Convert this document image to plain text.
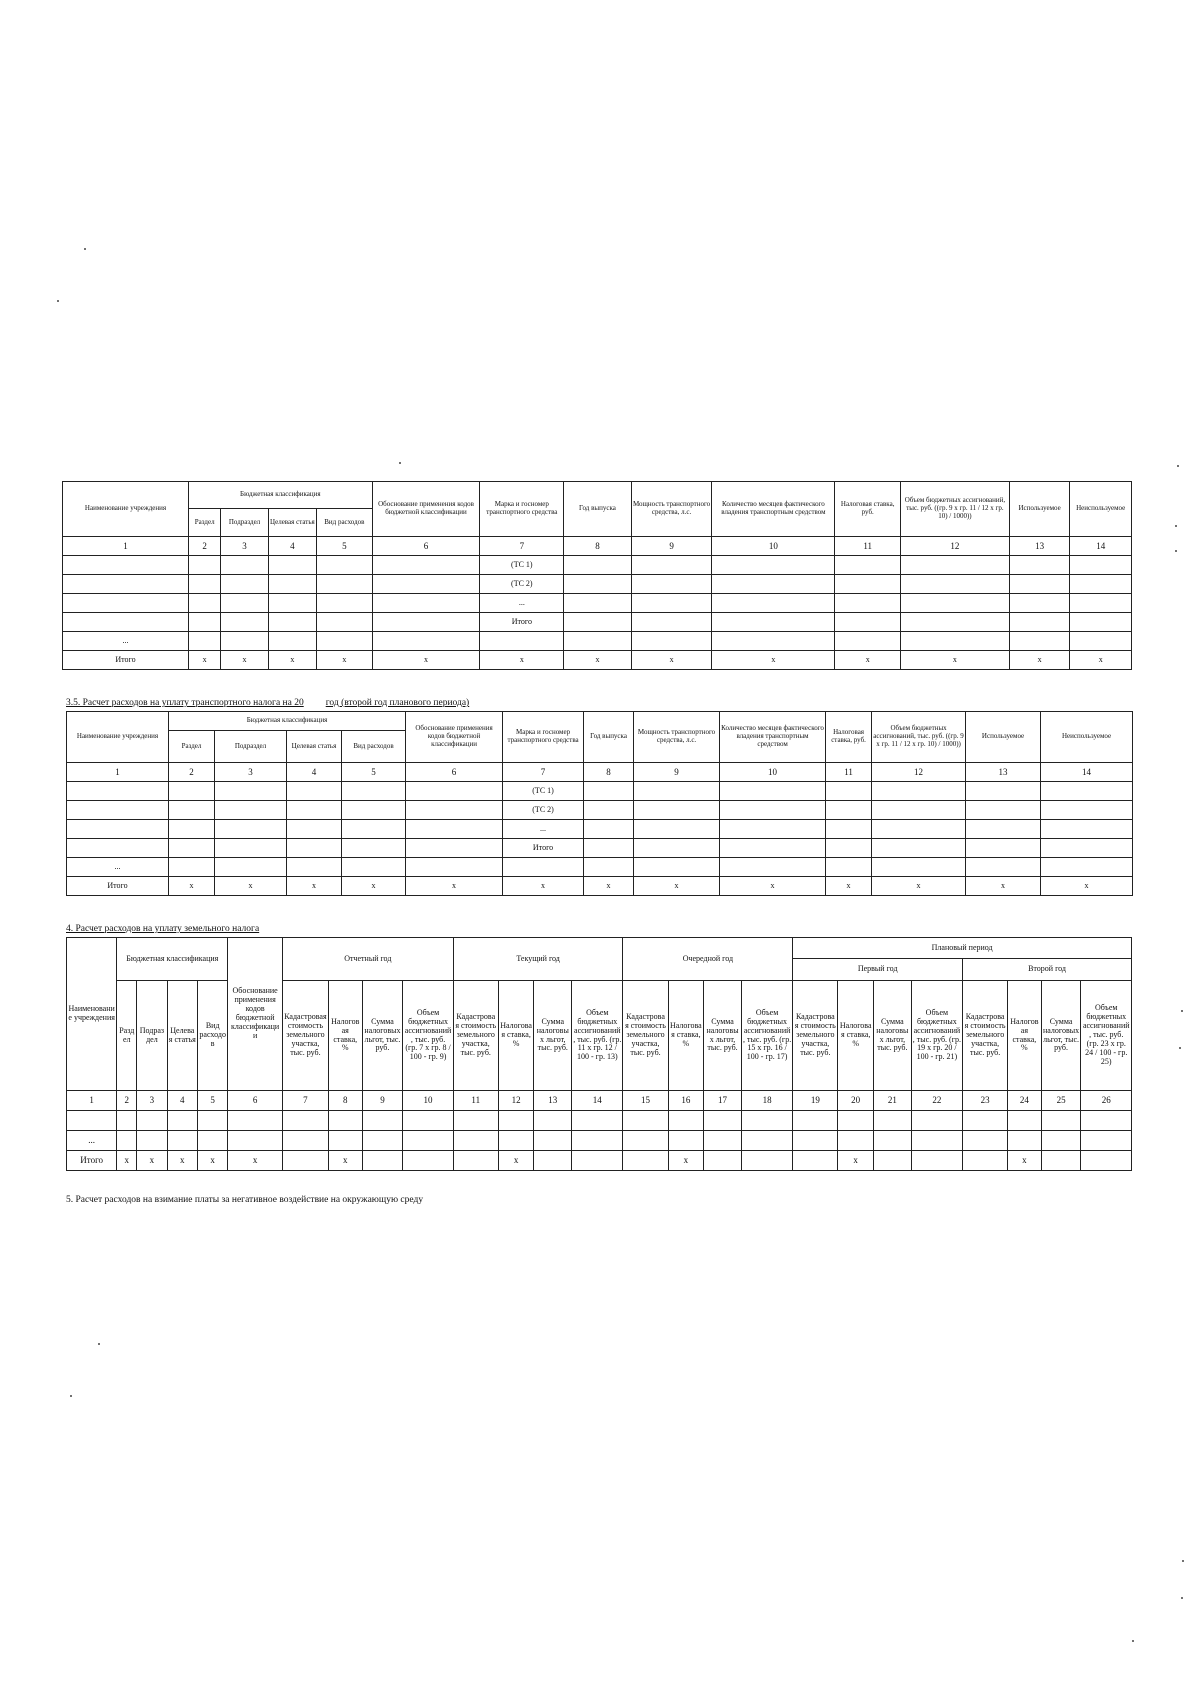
Наименование учреждения	Бюджетная классификация				Обоснование применения кодов бюджетной классификации	Марка и госномер транспортного средства	Год выпуска	Мощность транспортного средства, л.с.	Количество месяцев фактического владения транспортным средством	Налоговая ставка, руб.	Объем бюджетных ассигнований, тыс. руб. ((гр. 9 х гр. 11 / 12 х гр. 10) / 1000))	Используемое	Неиспользуемое
	Раздел	Подраздел	Целевая статья	Вид расходов									
1	2	3	4	5	6	7	8	9	10	11	12	13	14
						(ТС 1)							
						(ТС 2)							
						...							
						Итого							
...													
Итого	x	x	x	x	x	x	x	x	x	x	x	x	x
3.5. Расчет расходов на уплату транспортного налога на 20 год (второй год планового периода)
Наименование учреждения	Бюджетная классификация				Обоснование применения кодов бюджетной классификации	Марка и госномер транспортного средства	Год выпуска	Мощность транспортного средства, л.с.	Количество месяцев фактического владения транспортным средством	Налоговая ставка, руб.	Объем бюджетных ассигнований, тыс. руб. ((гр. 9 х гр. 11 / 12 х гр. 10) / 1000))	Используемое	Неиспользуемое
	Раздел	Подраздел	Целевая статья	Вид расходов									
1	2	3	4	5	6	7	8	9	10	11	12	13	14
						(ТС 1)							
						(ТС 2)							
						...							
						Итого							
...													
Итого	x	x	x	x	x	x	x	x	x	x	x	x	x
4. Расчет расходов на уплату земельного налога
Наименование учреждения	Бюджетная классификация				Обоснование применения кодов бюджетной классификации	Отчетный год				Текущий год				Очередной год				Плановый период							
																		Первый год				Второй год			
	Раздел	Подраздел	Целевая статья	Вид расходов		Кадастровая стоимость земельного участка, тыс. руб.	Налоговая ставка, %	Сумма налоговых льгот, тыс. руб.	Объем бюджетных ассигнований, тыс. руб. (гр. 7 х гр. 8 / 100 - гр. 9)	Кадастровая стоимость земельного участка, тыс. руб.	Налоговая ставка, %	Сумма налоговых льгот, тыс. руб.	Объем бюджетных ассигнований, тыс. руб. (гр. 11 х гр. 12 / 100 - гр. 13)	Кадастровая стоимость земельного участка, тыс. руб.	Налоговая ставка, %	Сумма налоговых льгот, тыс. руб.	Объем бюджетных ассигнований, тыс. руб. (гр. 15 х гр. 16 / 100 - гр. 17)	Кадастровая стоимость земельного участка, тыс. руб.	Налоговая ставка, %	Сумма налоговых льгот, тыс. руб.	Объем бюджетных ассигнований, тыс. руб. (гр. 19 х гр. 20 / 100 - гр. 21)	Кадастровая стоимость земельного участка, тыс. руб.	Налоговая ставка, %	Сумма налоговых льгот, тыс. руб.	Объем бюджетных ассигнований, тыс. руб. (гр. 23 х гр. 24 / 100 - гр. 25)
1	2	3	4	5	6	7	8	9	10	11	12	13	14	15	16	17	18	19	20	21	22	23	24	25	26

...																									
Итого	x	x	x	x	x		x				x				x				x				x		
5. Расчет расходов на взимание платы за негативное воздействие на окружающую среду
